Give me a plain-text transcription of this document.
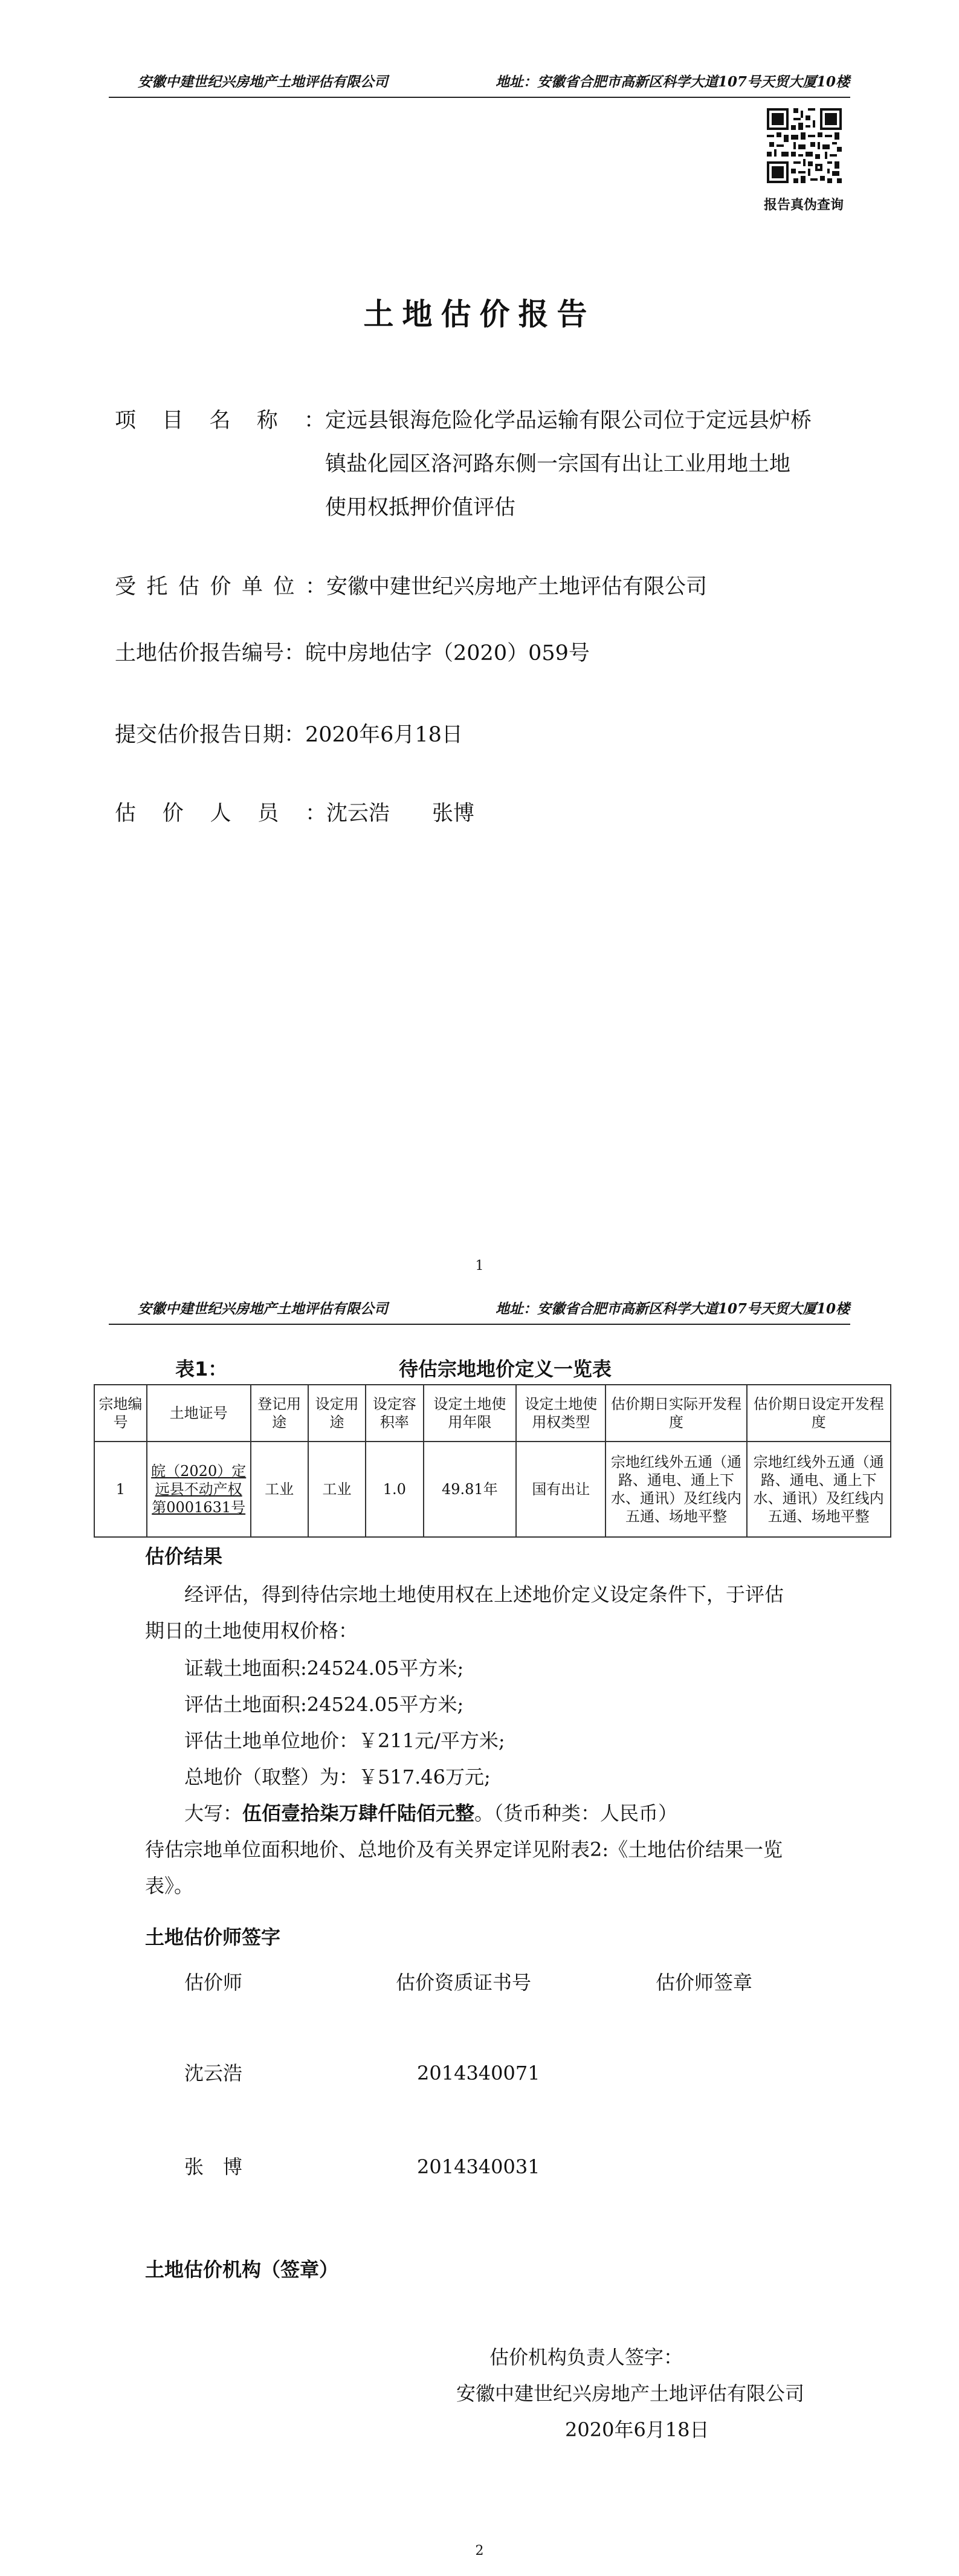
安徽中建世纪兴房地产土地评估有限公司	地址：安徽省合肥市高新区科学大道107号天贸大厦10楼
报告真伪查询
土地估价报告
项目名称： 定远县银海危险化学品运输有限公司位于定远县炉桥
镇盐化园区洛河路东侧一宗国有出让工业用地土地
使用权抵押价值评估
受托估价单位： 安徽中建世纪兴房地产土地评估有限公司
土地估价报告编号：皖中房地估字（2020）059号
提交估价报告日期：2020年6月18日
估价人员： 沈云浩　　张博
1
安徽中建世纪兴房地产土地评估有限公司	地址：安徽省合肥市高新区科学大道107号天贸大厦10楼
表1：	待估宗地地价定义一览表
宗地编号	土地证号	登记用途	设定用途	设定容积率	设定土地使用年限	设定土地使用权类型	估价期日实际开发程度	估价期日设定开发程度
1	皖（2020）定远县不动产权第0001631号	工业	工业	1.0	49.81年	国有出让	宗地红线外五通（通路、通电、通上下水、通讯）及红线内五通、场地平整	宗地红线外五通（通路、通电、通上下水、通讯）及红线内五通、场地平整
估价结果
经评估，得到待估宗地土地使用权在上述地价定义设定条件下，于评估
期日的土地使用权价格：
证载土地面积:24524.05平方米;
评估土地面积:24524.05平方米;
评估土地单位地价：￥211元/平方米;
总地价（取整）为：￥517.46万元;
大写：伍佰壹拾柒万肆仟陆佰元整。（货币种类：人民币）
待估宗地单位面积地价、总地价及有关界定详见附表2:《土地估价结果一览
表》。
土地估价师签字
估价师	估价资质证书号	估价师签章
沈云浩	2014340071
张　博	2014340031
土地估价机构（签章）
估价机构负责人签字：
安徽中建世纪兴房地产土地评估有限公司
2020年6月18日
2
